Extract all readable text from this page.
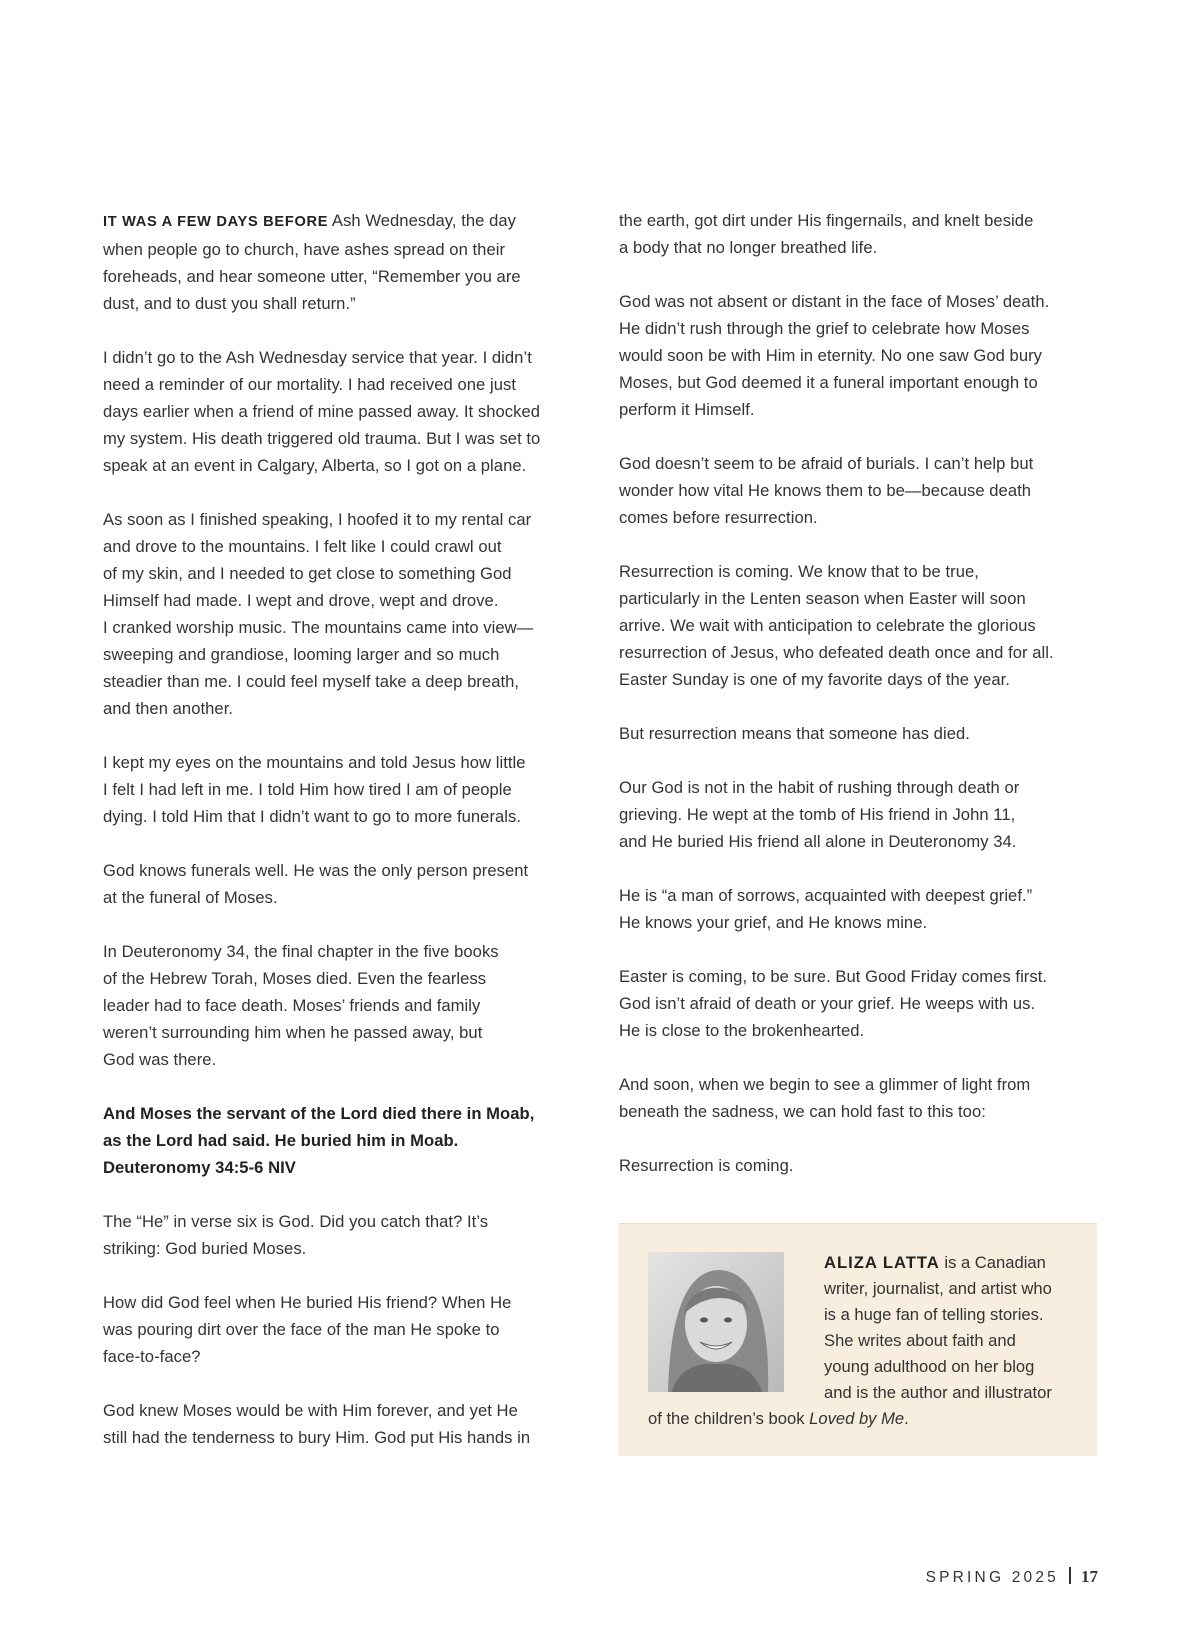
IT WAS A FEW DAYS BEFORE Ash Wednesday, the day
when people go to church, have ashes spread on their
foreheads, and hear someone utter, “Remember you are
dust, and to dust you shall return.”

I didn’t go to the Ash Wednesday service that year. I didn’t
need a reminder of our mortality. I had received one just
days earlier when a friend of mine passed away. It shocked
my system. His death triggered old trauma. But I was set to
speak at an event in Calgary, Alberta, so I got on a plane.

As soon as I finished speaking, I hoofed it to my rental car
and drove to the mountains. I felt like I could crawl out
of my skin, and I needed to get close to something God
Himself had made. I wept and drove, wept and drove.
I cranked worship music. The mountains came into view—
sweeping and grandiose, looming larger and so much
steadier than me. I could feel myself take a deep breath,
and then another.

I kept my eyes on the mountains and told Jesus how little
I felt I had left in me. I told Him how tired I am of people
dying. I told Him that I didn’t want to go to more funerals.

God knows funerals well. He was the only person present
at the funeral of Moses.

In Deuteronomy 34, the final chapter in the five books
of the Hebrew Torah, Moses died. Even the fearless
leader had to face death. Moses’ friends and family
weren’t surrounding him when he passed away, but
God was there.

And Moses the servant of the Lord died there in Moab,
as the Lord had said. He buried him in Moab.
Deuteronomy 34:5-6 NIV

The “He” in verse six is God. Did you catch that? It’s
striking: God buried Moses.

How did God feel when He buried His friend? When He
was pouring dirt over the face of the man He spoke to
face-to-face?

God knew Moses would be with Him forever, and yet He
still had the tenderness to bury Him. God put His hands in

the earth, got dirt under His fingernails, and knelt beside
a body that no longer breathed life.

God was not absent or distant in the face of Moses’ death.
He didn’t rush through the grief to celebrate how Moses
would soon be with Him in eternity. No one saw God bury
Moses, but God deemed it a funeral important enough to
perform it Himself.

God doesn’t seem to be afraid of burials. I can’t help but
wonder how vital He knows them to be—because death
comes before resurrection.

Resurrection is coming. We know that to be true,
particularly in the Lenten season when Easter will soon
arrive. We wait with anticipation to celebrate the glorious
resurrection of Jesus, who defeated death once and for all.
Easter Sunday is one of my favorite days of the year.

But resurrection means that someone has died.

Our God is not in the habit of rushing through death or
grieving. He wept at the tomb of His friend in John 11,
and He buried His friend all alone in Deuteronomy 34.

He is “a man of sorrows, acquainted with deepest grief.”
He knows your grief, and He knows mine.

Easter is coming, to be sure. But Good Friday comes first.
God isn’t afraid of death or your grief. He weeps with us.
He is close to the brokenhearted.

And soon, when we begin to see a glimmer of light from
beneath the sadness, we can hold fast to this too:

Resurrection is coming.

ALIZA LATTA is a Canadian
writer, journalist, and artist who
is a huge fan of telling stories.
She writes about faith and
young adulthood on her blog
and is the author and illustrator
of the children’s book Loved by Me.
SPRING 2025 17
